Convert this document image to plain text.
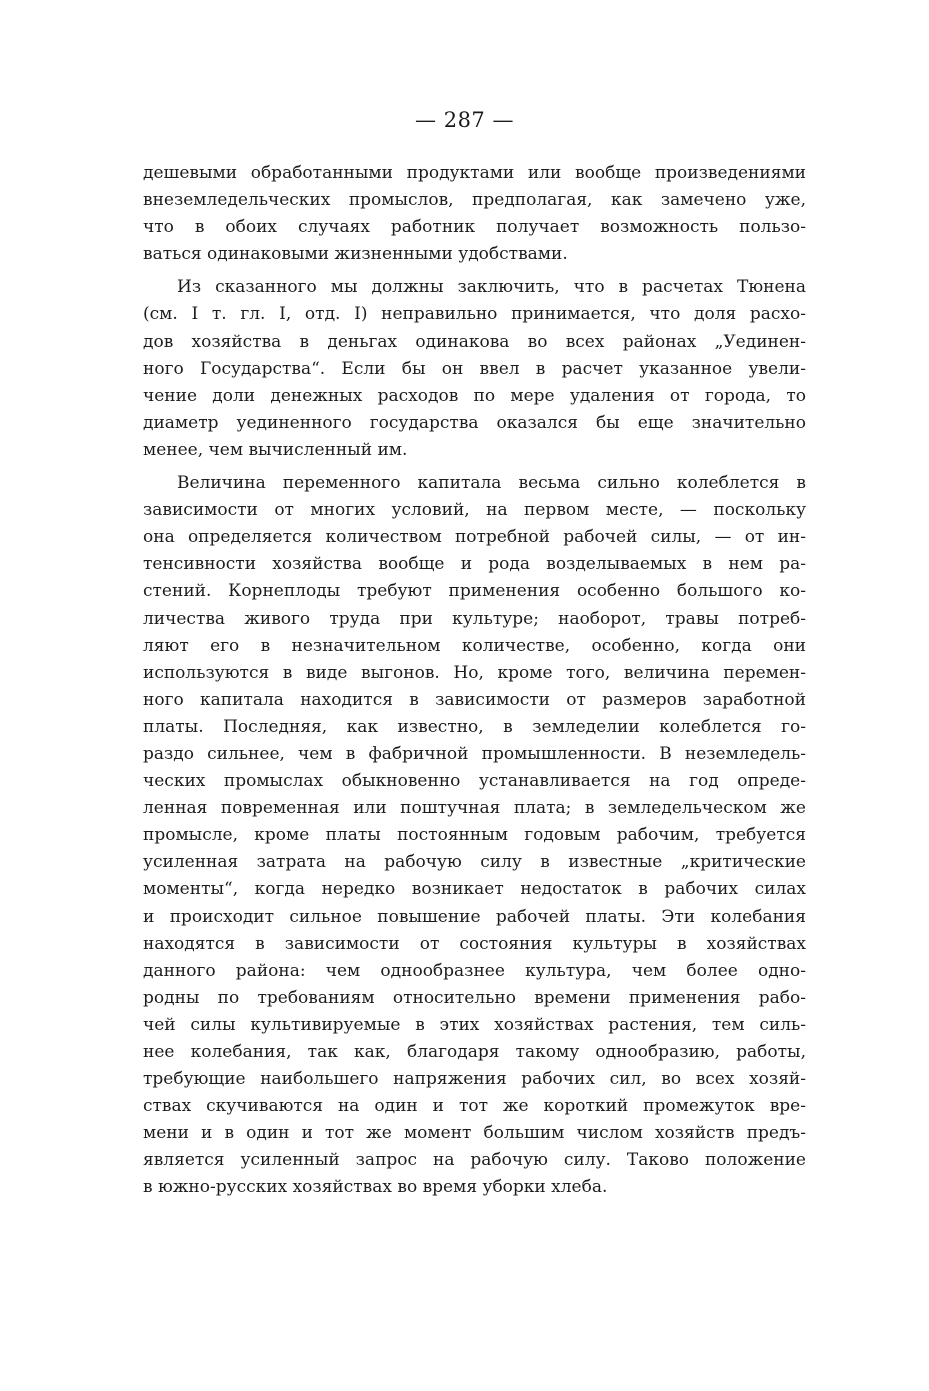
— 287 —
дешевыми обработанными продуктами или вообще произведениями
внеземледельческих промыслов, предполагая, как замечено уже,
что в обоих случаях работник получает возможность пользо-
ваться одинаковыми жизненными удобствами.
Из сказанного мы должны заключить, что в расчетах Тюнена
(см. I т. гл. I, отд. I) неправильно принимается, что доля расхо-
дов хозяйства в деньгах одинакова во всех районах „Уединен-
ного Государства“. Если бы он ввел в расчет указанное увели-
чение доли денежных расходов по мере удаления от города, то
диаметр уединенного государства оказался бы еще значительно
менее, чем вычисленный им.
Величина переменного капитала весьма сильно колеблется в
зависимости от многих условий, на первом месте, — поскольку
она определяется количеством потребной рабочей силы, — от ин-
тенсивности хозяйства вообще и рода возделываемых в нем ра-
стений. Корнеплоды требуют применения особенно большого ко-
личества живого труда при культуре; наоборот, травы потреб-
ляют его в незначительном количестве, особенно, когда они
используются в виде выгонов. Но, кроме того, величина перемен-
ного капитала находится в зависимости от размеров заработной
платы. Последняя, как известно, в земледелии колеблется го-
раздо сильнее, чем в фабричной промышленности. В неземледель-
ческих промыслах обыкновенно устанавливается на год опреде-
ленная повременная или поштучная плата; в земледельческом же
промысле, кроме платы постоянным годовым рабочим, требуется
усиленная затрата на рабочую силу в известные „критические
моменты“, когда нередко возникает недостаток в рабочих силах
и происходит сильное повышение рабочей платы. Эти колебания
находятся в зависимости от состояния культуры в хозяйствах
данного района: чем однообразнее культура, чем более одно-
родны по требованиям относительно времени применения рабо-
чей силы культивируемые в этих хозяйствах растения, тем силь-
нее колебания, так как, благодаря такому однообразию, работы,
требующие наибольшего напряжения рабочих сил, во всех хозяй-
ствах скучиваются на один и тот же короткий промежуток вре-
мени и в один и тот же момент большим числом хозяйств предъ-
является усиленный запрос на рабочую силу. Таково положение
в южно-русских хозяйствах во время уборки хлеба.
